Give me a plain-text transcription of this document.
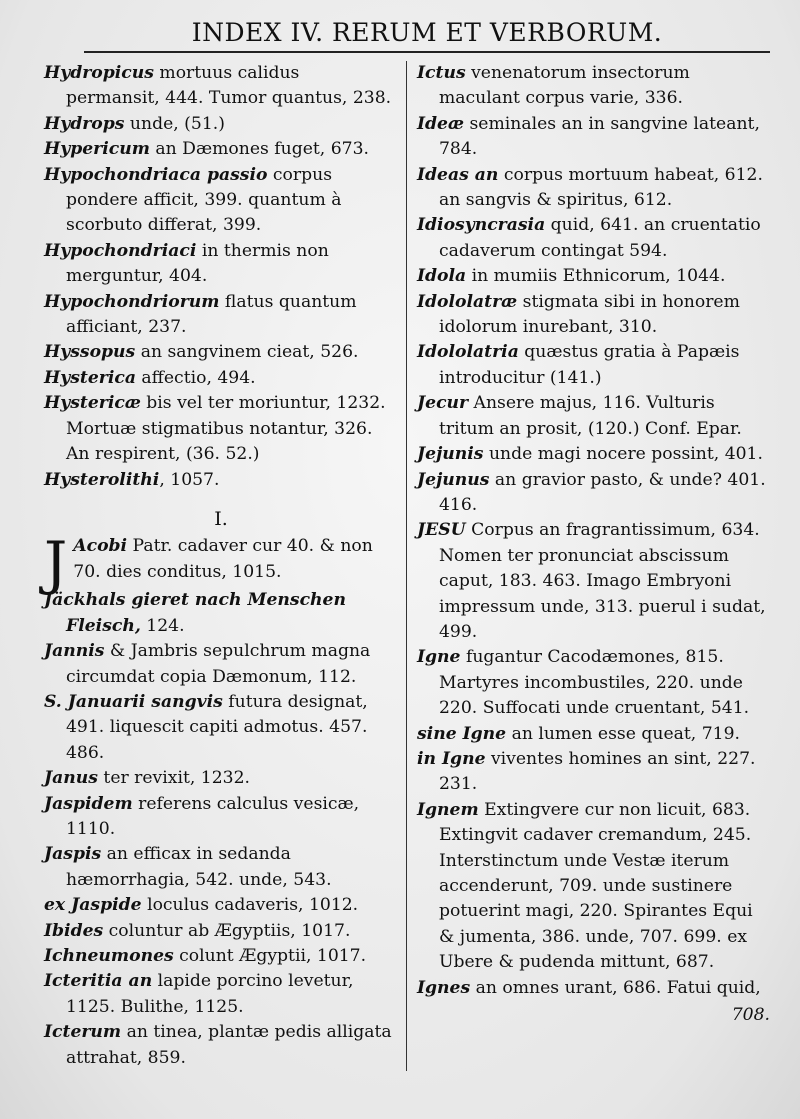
INDEX IV. RERUM ET VERBORUM.

Hydropicus mortuus calidus permansit, 444. Tumor quantus, 238.

Hydrops unde, (51.)

Hypericum an Dæmones fuget, 673.

Hypochondriaca passio corpus pondere afficit, 399. quantum à scorbuto differat, 399.

Hypochondriaci in thermis non merguntur, 404.

Hypochondriorum flatus quantum afficiant, 237.

Hyssopus an sangvinem cieat, 526.

Hysterica affectio, 494.

Hystericæ bis vel ter moriuntur, 1232. Mortuæ stigmatibus notantur, 326. An respirent, (36. 52.)

Hysterolithi, 1057.

I.

J Acobi Patr. cadaver cur 40. & non 70. dies conditus, 1015.

Jäckhals gieret nach Menschen Fleisch, 124.

Jannis & Jambris sepulchrum magna circumdat copia Dæmonum, 112.

S. Januarii sangvis futura designat, 491. liquescit capiti admotus. 457. 486.

Janus ter revixit, 1232.

Jaspidem referens calculus vesicæ, 1110.

Jaspis an efficax in sedanda hæmorrhagia, 542. unde, 543.

ex Jaspide loculus cadaveris, 1012.

Ibides coluntur ab Ægyptiis, 1017.

Ichneumones colunt Ægyptii, 1017.

Icteritia an lapide porcino levetur, 1125. Bulithe, 1125.

Icterum an tinea, plantæ pedis alligata attrahat, 859.

Ictus venenatorum insectorum maculant corpus varie, 336.

Ideæ seminales an in sangvine lateant, 784.

Ideas an corpus mortuum habeat, 612. an sangvis & spiritus, 612.

Idiosyncrasia quid, 641. an cruentatio cadaverum contingat 594.

Idola in mumiis Ethnicorum, 1044.

Idololatræ stigmata sibi in honorem idolorum inurebant, 310.

Idololatria quæstus gratia à Papæis introducitur (141.)

Jecur Ansere majus, 116. Vulturis tritum an prosit, (120.) Conf. Epar.

Jejunis unde magi nocere possint, 401.

Jejunus an gravior pasto, & unde? 401. 416.

JESU Corpus an fragrantissimum, 634. Nomen ter pronunciat abscissum caput, 183. 463. Imago Embryoni impressum unde, 313. puerul i sudat, 499.

Igne fugantur Cacodæmones, 815. Martyres incombustiles, 220. unde 220. Suffocati unde cruentant, 541.

sine Igne an lumen esse queat, 719.

in Igne viventes homines an sint, 227. 231.

Ignem Extingvere cur non licuit, 683. Extingvit cadaver cremandum, 245. Interstinctum unde Vestæ iterum accenderunt, 709. unde sustinere potuerint magi, 220. Spirantes Equi & jumenta, 386. unde, 707. 699. ex Ubere & pudenda mittunt, 687.

Ignes an omnes urant, 686. Fatui quid,

708.
